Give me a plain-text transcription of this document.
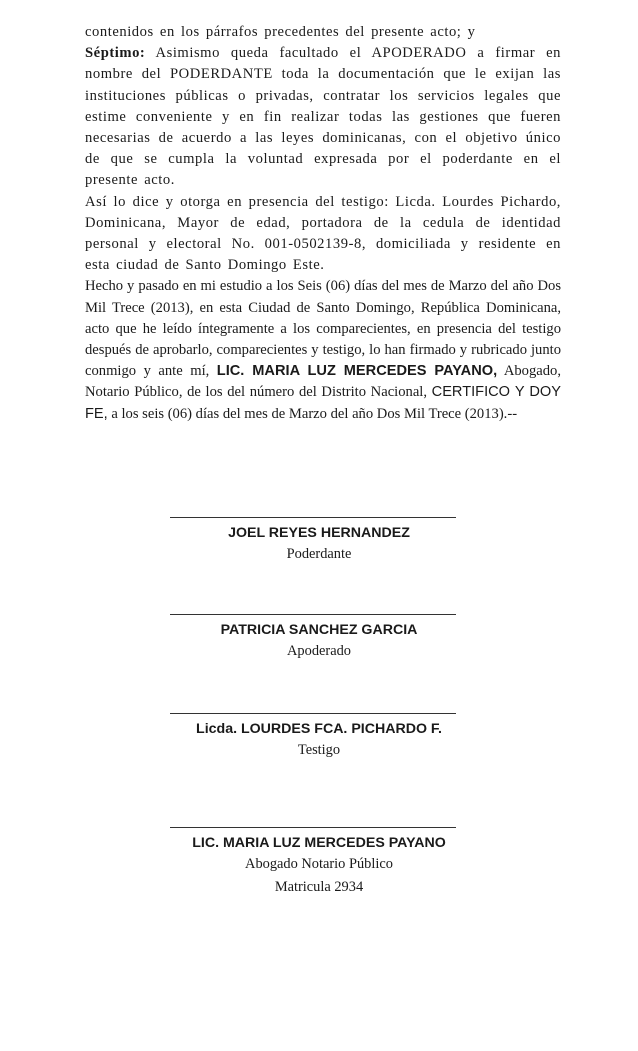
contenidos en los párrafos precedentes del presente acto; y

Séptimo: Asimismo queda facultado el APODERADO a firmar en nombre del PODERDANTE toda la documentación que le exijan las instituciones públicas o privadas, contratar los servicios legales que estime conveniente y en fin realizar todas las gestiones que fueren necesarias de acuerdo a las leyes dominicanas, con el objetivo único de que se cumpla la voluntad expresada por el poderdante en el presente acto.

Así lo dice y otorga en presencia del testigo: Licda. Lourdes Pichardo, Dominicana, Mayor de edad, portadora de la cedula de identidad personal y electoral No. 001-0502139-8, domiciliada y residente en esta ciudad de Santo Domingo Este.

Hecho y pasado en mi estudio a los Seis (06) días del mes de Marzo del año Dos Mil Trece (2013), en esta Ciudad de Santo Domingo, República Dominicana, acto que he leído íntegramente a los comparecientes, en presencia del testigo después de aprobarlo, comparecientes y testigo, lo han firmado y rubricado junto conmigo y ante mí, LIC. MARIA LUZ MERCEDES PAYANO, Abogado, Notario Público, de los del número del Distrito Nacional, CERTIFICO Y DOY FE, a los seis (06) días del mes de Marzo del año Dos Mil Trece (2013).--

JOEL REYES HERNANDEZ
Poderdante
PATRICIA SANCHEZ GARCIA
Apoderado
Licda. LOURDES FCA. PICHARDO F.
Testigo
LIC. MARIA LUZ MERCEDES PAYANO
Abogado Notario Público
Matricula 2934
